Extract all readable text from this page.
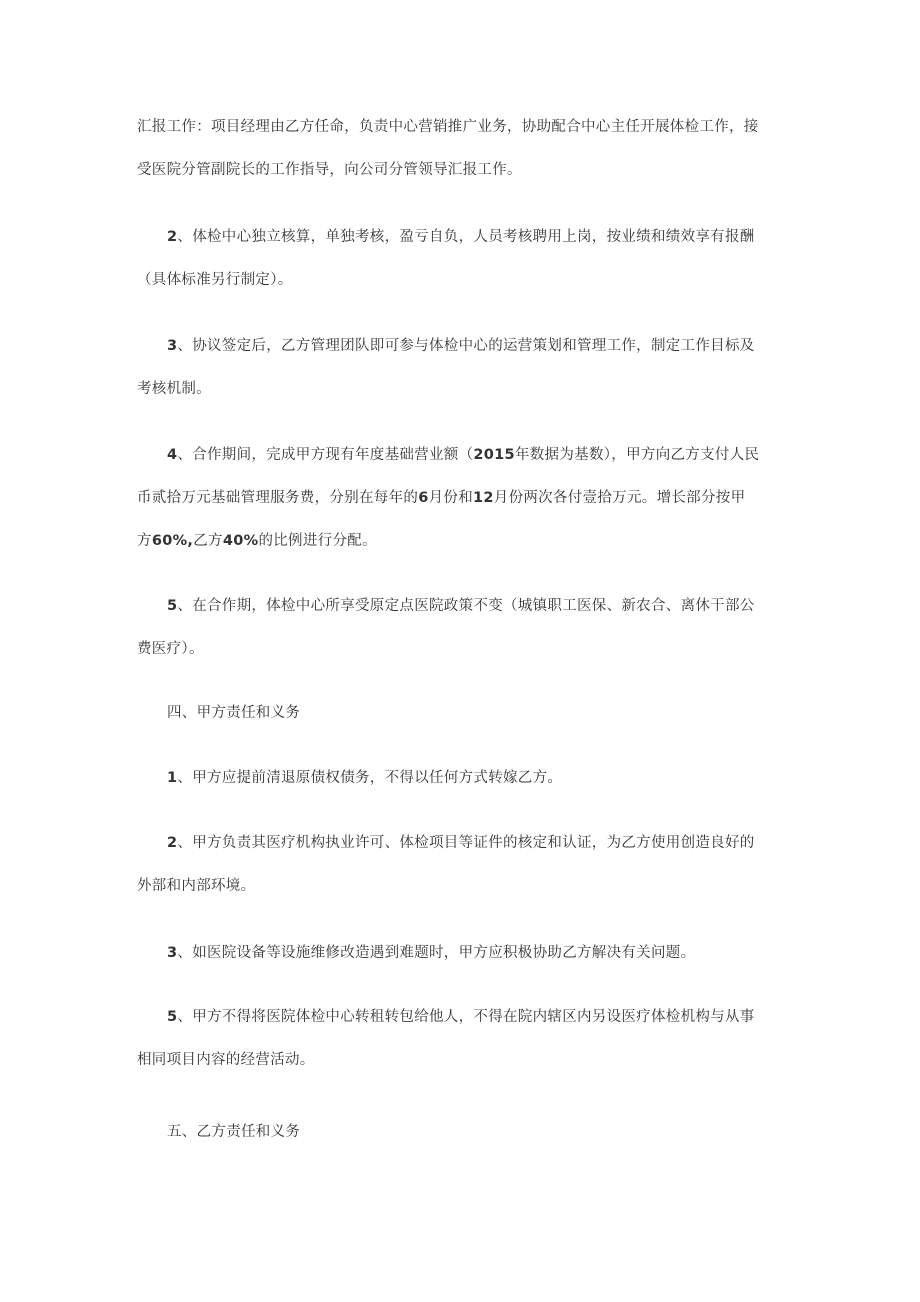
汇报工作：项目经理由乙方任命，负责中心营销推广业务，协助配合中心主任开展体检工作，接
受医院分管副院长的工作指导，向公司分管领导汇报工作。
2、体检中心独立核算，单独考核，盈亏自负，人员考核聘用上岗，按业绩和绩效享有报酬
（具体标准另行制定）。
3、协议签定后，乙方管理团队即可参与体检中心的运营策划和管理工作，制定工作目标及
考核机制。
4、合作期间，完成甲方现有年度基础营业额（2015年数据为基数），甲方向乙方支付人民
币贰拾万元基础管理服务费，分别在每年的6月份和12月份两次各付壹拾万元。增长部分按甲
方60%,乙方40%的比例进行分配。
5、在合作期，体检中心所享受原定点医院政策不变（城镇职工医保、新农合、离休干部公
费医疗）。
四、甲方责任和义务
1、甲方应提前清退原债权债务，不得以任何方式转嫁乙方。
2、甲方负责其医疗机构执业许可、体检项目等证件的核定和认证，为乙方使用创造良好的
外部和内部环境。
3、如医院设备等设施维修改造遇到难题时，甲方应积极协助乙方解决有关问题。
5、甲方不得将医院体检中心转租转包给他人，不得在院内辖区内另设医疗体检机构与从事
相同项目内容的经营活动。
五、乙方责任和义务
